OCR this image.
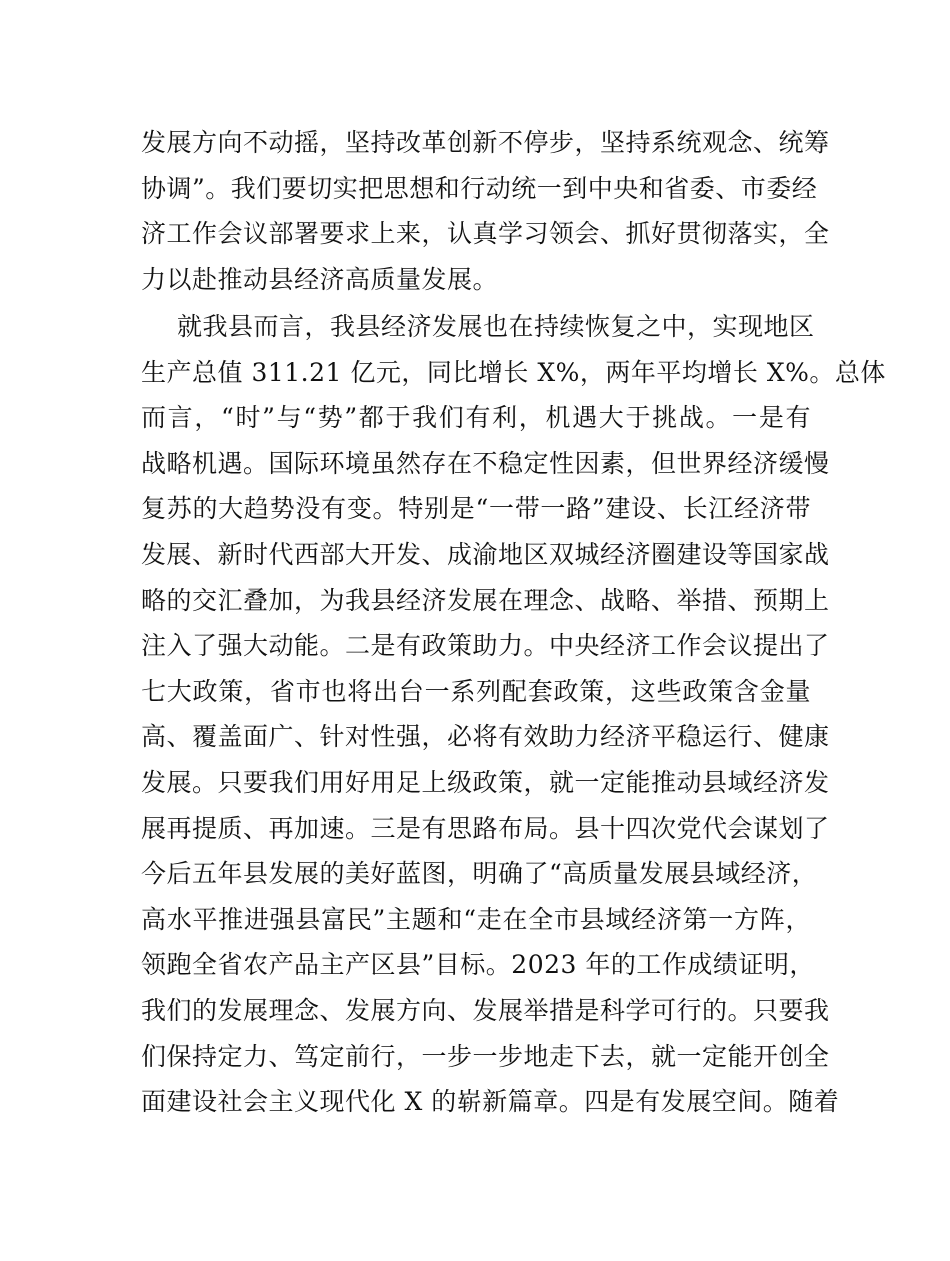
发展方向不动摇，坚持改革创新不停步，坚持系统观念、统筹
协调”。我们要切实把思想和行动统一到中央和省委、市委经
济工作会议部署要求上来，认真学习领会、抓好贯彻落实，全
力以赴推动县经济高质量发展。
就我县而言，我县经济发展也在持续恢复之中，实现地区
生产总值 311.21 亿元，同比增长 X%，两年平均增长 X%。总体
而言，“时”与“势”都于我们有利，机遇大于挑战。一是有
战略机遇。国际环境虽然存在不稳定性因素，但世界经济缓慢
复苏的大趋势没有变。特别是“一带一路”建设、长江经济带
发展、新时代西部大开发、成渝地区双城经济圈建设等国家战
略的交汇叠加，为我县经济发展在理念、战略、举措、预期上
注入了强大动能。二是有政策助力。中央经济工作会议提出了
七大政策，省市也将出台一系列配套政策，这些政策含金量
高、覆盖面广、针对性强，必将有效助力经济平稳运行、健康
发展。只要我们用好用足上级政策，就一定能推动县域经济发
展再提质、再加速。三是有思路布局。县十四次党代会谋划了
今后五年县发展的美好蓝图，明确了“高质量发展县域经济，
高水平推进强县富民”主题和“走在全市县域经济第一方阵，
领跑全省农产品主产区县”目标。2023 年的工作成绩证明，
我们的发展理念、发展方向、发展举措是科学可行的。只要我
们保持定力、笃定前行，一步一步地走下去，就一定能开创全
面建设社会主义现代化 X 的崭新篇章。四是有发展空间。随着
